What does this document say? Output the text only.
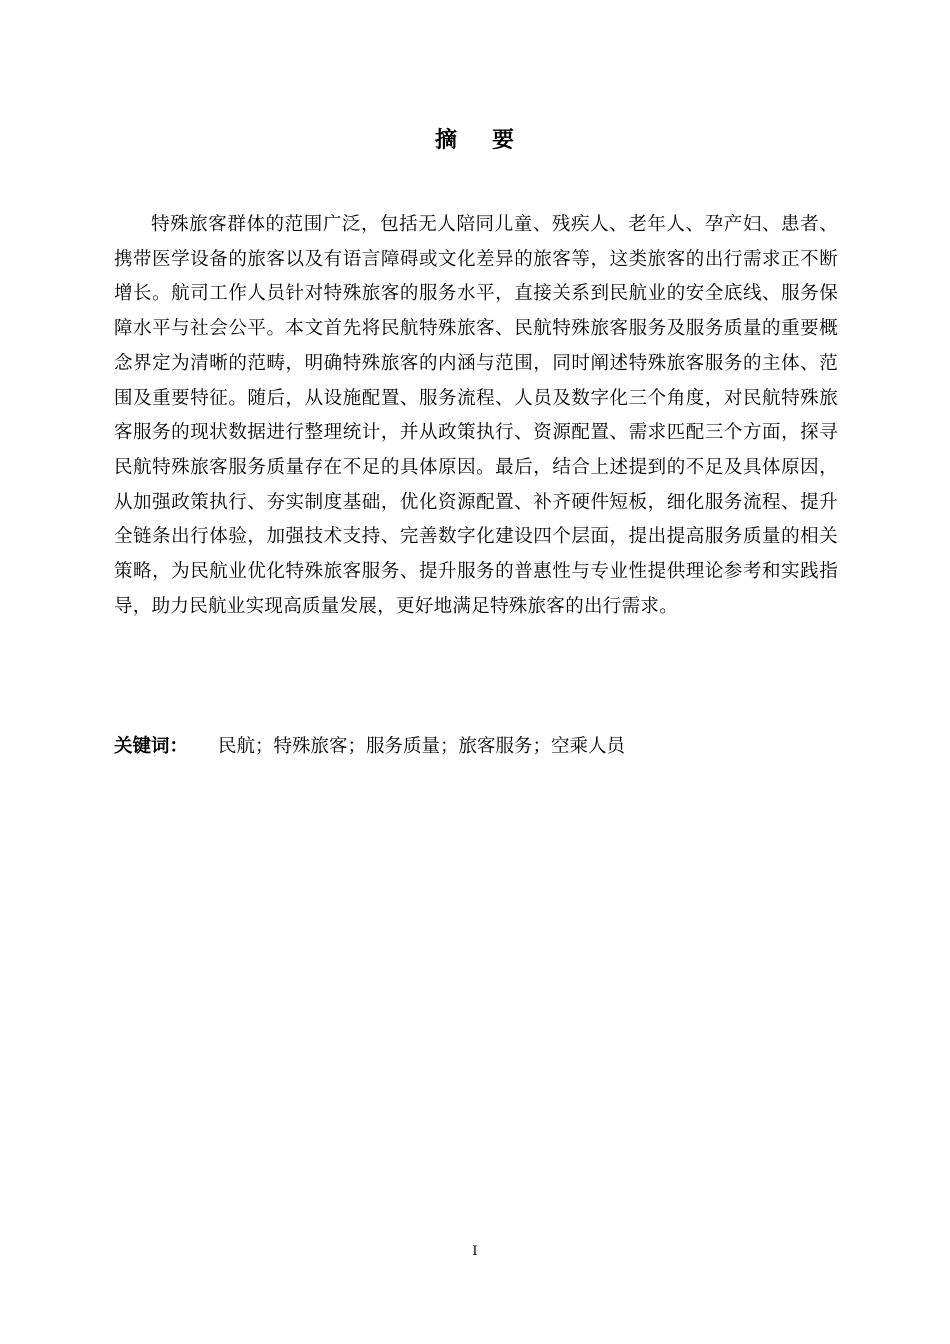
摘 要

特殊旅客群体的范围广泛，包括无人陪同儿童、残疾人、老年人、孕产妇、患者、携带医学设备的旅客以及有语言障碍或文化差异的旅客等，这类旅客的出行需求正不断增长。航司工作人员针对特殊旅客的服务水平，直接关系到民航业的安全底线、服务保障水平与社会公平。本文首先将民航特殊旅客、民航特殊旅客服务及服务质量的重要概念界定为清晰的范畴，明确特殊旅客的内涵与范围，同时阐述特殊旅客服务的主体、范围及重要特征。随后，从设施配置、服务流程、人员及数字化三个角度，对民航特殊旅客服务的现状数据进行整理统计，并从政策执行、资源配置、需求匹配三个方面，探寻民航特殊旅客服务质量存在不足的具体原因。最后，结合上述提到的不足及具体原因，从加强政策执行、夯实制度基础，优化资源配置、补齐硬件短板，细化服务流程、提升全链条出行体验，加强技术支持、完善数字化建设四个层面，提出提高服务质量的相关策略，为民航业优化特殊旅客服务、提升服务的普惠性与专业性提供理论参考和实践指导，助力民航业实现高质量发展，更好地满足特殊旅客的出行需求。

关键词： 民航；特殊旅客；服务质量；旅客服务；空乘人员
I
